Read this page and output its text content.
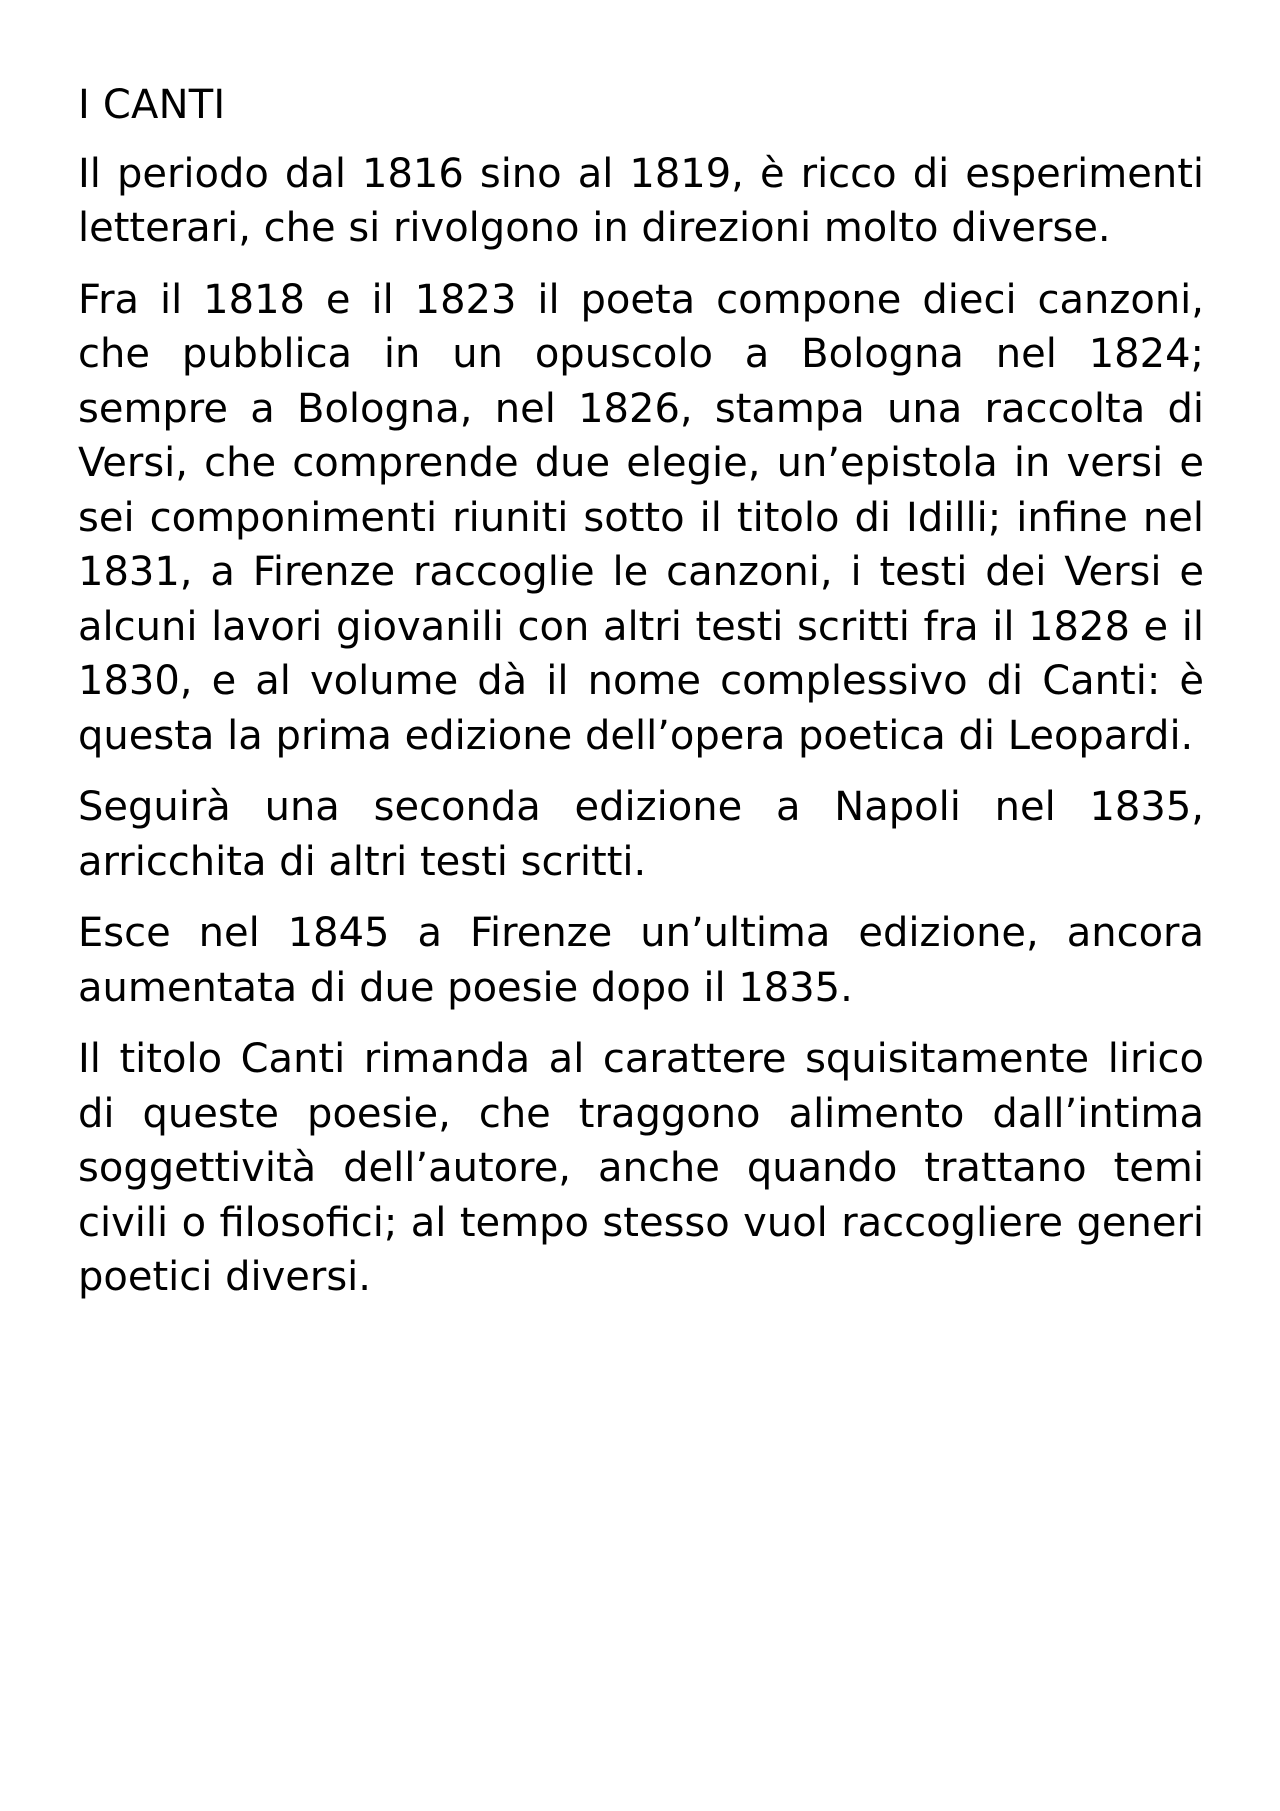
I CANTI

Il periodo dal 1816 sino al 1819, è ricco di esperimenti letterari, che si rivolgono in direzioni molto diverse.

Fra il 1818 e il 1823 il poeta compone dieci canzoni, che pubblica in un opuscolo a Bologna nel 1824; sempre a Bologna, nel 1826, stampa una raccolta di Versi, che comprende due elegie, un’epistola in versi e sei componimenti riuniti sotto il titolo di Idilli; infine nel 1831, a Firenze raccoglie le canzoni, i testi dei Versi e alcuni lavori giovanili con altri testi scritti fra il 1828 e il 1830, e al volume dà il nome complessivo di Canti: è questa la prima edizione dell’opera poetica di Leopardi.

Seguirà una seconda edizione a Napoli nel 1835, arricchita di altri testi scritti.

Esce nel 1845 a Firenze un’ultima edizione, ancora aumentata di due poesie dopo il 1835.

Il titolo Canti rimanda al carattere squisitamente lirico di queste poesie, che traggono alimento dall’intima soggettività dell’autore, anche quando trattano temi civili o filosofici; al tempo stesso vuol raccogliere generi poetici diversi.
